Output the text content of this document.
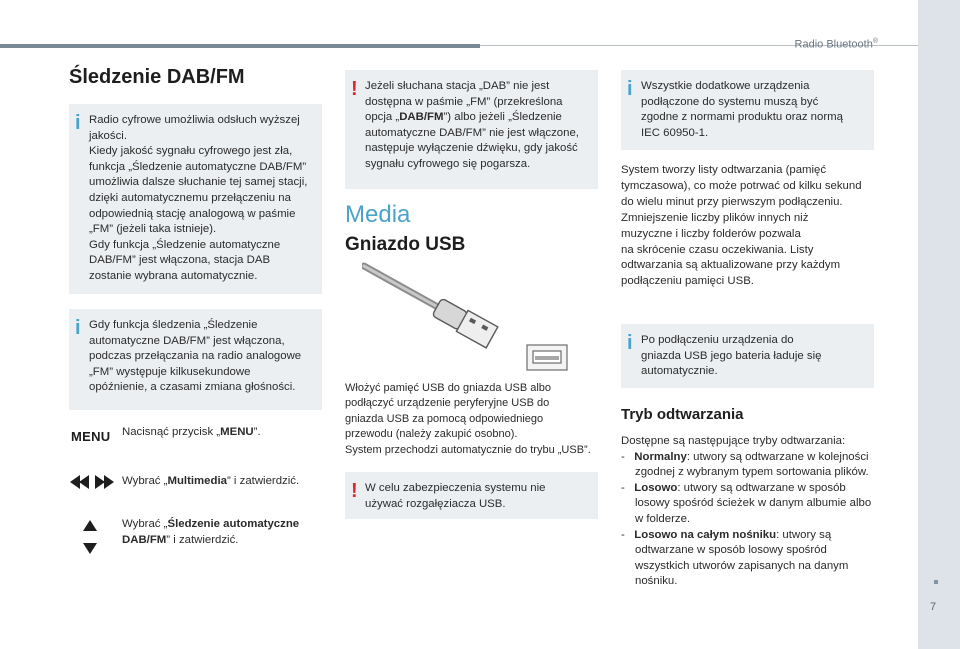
Radio Bluetooth®
7
Śledzenie DAB/FM
i Radio cyfrowe umożliwia odsłuch wyższej
jakości.
Kiedy jakość sygnału cyfrowego jest zła,
funkcja „Śledzenie automatyczne DAB/FM”
umożliwia dalsze słuchanie tej samej stacji,
dzięki automatycznemu przełączeniu na
odpowiednią stację analogową w paśmie
„FM” (jeżeli taka istnieje).
Gdy funkcja „Śledzenie automatyczne
DAB/FM” jest włączona, stacja DAB
zostanie wybrana automatycznie.
i Gdy funkcja śledzenia „Śledzenie
automatyczne DAB/FM” jest włączona,
podczas przełączania na radio analogowe
„FM” występuje kilkusekundowe
opóźnienie, a czasami zmiana głośności.
MENU Nacisnąć przycisk „MENU”.
Wybrać „Multimedia” i zatwierdzić.
Wybrać „Śledzenie automatyczne
DAB/FM” i zatwierdzić.
! Jeżeli słuchana stacja „DAB” nie jest
dostępna w paśmie „FM” (przekreślona
opcja „DAB/FM”) albo jeżeli „Śledzenie
automatyczne DAB/FM” nie jest włączone,
następuje wyłączenie dźwięku, gdy jakość
sygnału cyfrowego się pogarsza.
Media
Gniazdo USB
Włożyć pamięć USB do gniazda USB albo
podłączyć urządzenie peryferyjne USB do
gniazda USB za pomocą odpowiedniego
przewodu (należy zakupić osobno).
System przechodzi automatycznie do trybu „USB”.
! W celu zabezpieczenia systemu nie
używać rozgałęziacza USB.
i Wszystkie dodatkowe urządzenia
podłączone do systemu muszą być
zgodne z normami produktu oraz normą
IEC 60950-1.
System tworzy listy odtwarzania (pamięć
tymczasowa), co może potrwać od kilku sekund
do wielu minut przy pierwszym podłączeniu.
Zmniejszenie liczby plików innych niż
muzyczne i liczby folderów pozwala
na skrócenie czasu oczekiwania. Listy
odtwarzania są aktualizowane przy każdym
podłączeniu pamięci USB.
i Po podłączeniu urządzenia do
gniazda USB jego bateria ładuje się
automatycznie.
Tryb odtwarzania
Dostępne są następujące tryby odtwarzania:
-   Normalny: utwory są odtwarzane w kolejności zgodnej z wybranym typem sortowania plików.
-   Losowo: utwory są odtwarzane w sposób losowy spośród ścieżek w danym albumie albo w folderze.
-   Losowo na całym nośniku: utwory są odtwarzane w sposób losowy spośród wszystkich utworów zapisanych na danym nośniku.
